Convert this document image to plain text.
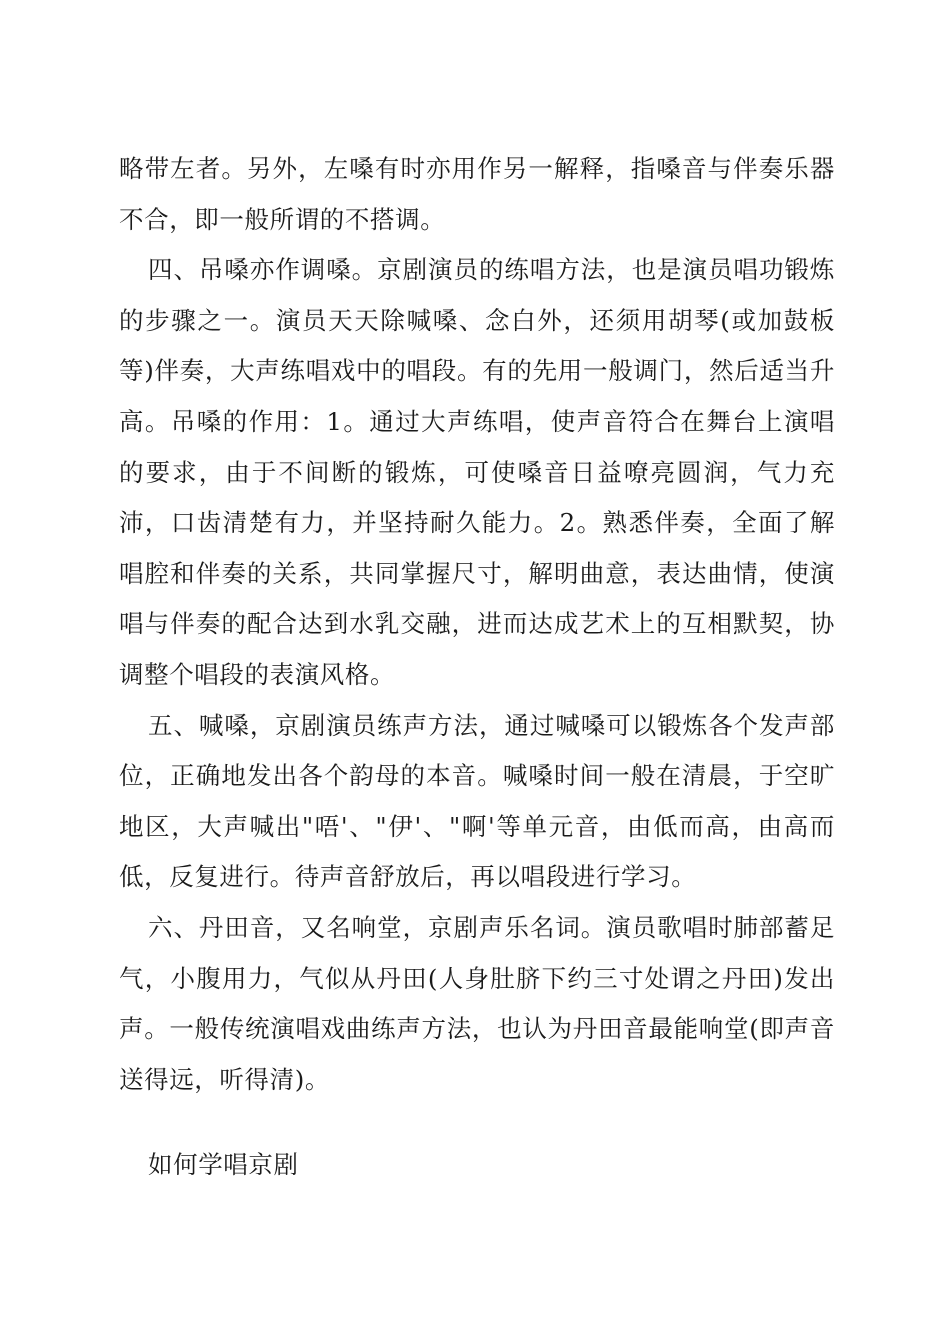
略带左者。另外，左嗓有时亦用作另一解释，指嗓音与伴奏乐器不合，即一般所谓的不搭调。

四、吊嗓亦作调嗓。京剧演员的练唱方法，也是演员唱功锻炼的步骤之一。演员天天除喊嗓、念白外，还须用胡琴(或加鼓板等)伴奏，大声练唱戏中的唱段。有的先用一般调门，然后适当升高。吊嗓的作用：1。通过大声练唱，使声音符合在舞台上演唱的要求，由于不间断的锻炼，可使嗓音日益嘹亮圆润，气力充沛，口齿清楚有力，并坚持耐久能力。2。熟悉伴奏，全面了解唱腔和伴奏的关系，共同掌握尺寸，解明曲意，表达曲情，使演唱与伴奏的配合达到水乳交融，进而达成艺术上的互相默契，协调整个唱段的表演风格。

五、喊嗓，京剧演员练声方法，通过喊嗓可以锻炼各个发声部位，正确地发出各个韵母的本音。喊嗓时间一般在清晨，于空旷地区，大声喊出"唔'、"伊'、"啊'等单元音，由低而高，由高而低，反复进行。待声音舒放后，再以唱段进行学习。

六、丹田音，又名响堂，京剧声乐名词。演员歌唱时肺部蓄足气，小腹用力，气似从丹田(人身肚脐下约三寸处谓之丹田)发出声。一般传统演唱戏曲练声方法，也认为丹田音最能响堂(即声音送得远，听得清)。

如何学唱京剧
